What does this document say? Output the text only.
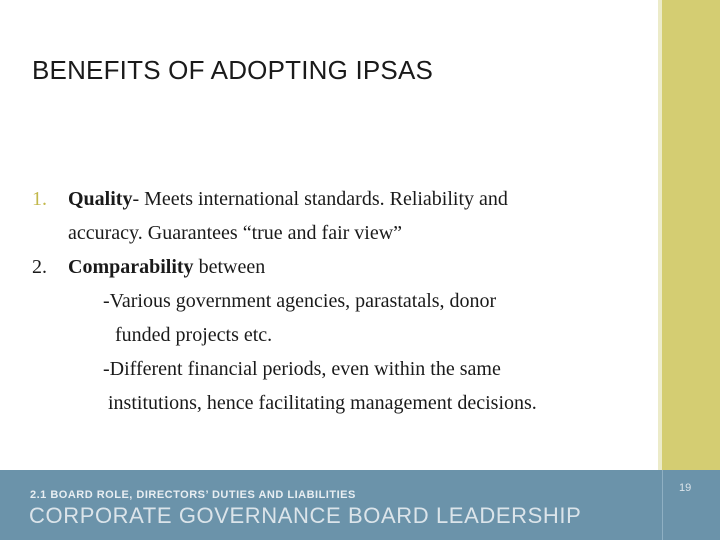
BENEFITS OF ADOPTING IPSAS
1. Quality- Meets international standards. Reliability and
accuracy. Guarantees “true and fair view”
2. Comparability between
-Various government agencies, parastatals, donor
funded projects etc.
-Different financial periods, even within the same
institutions, hence facilitating management decisions.
2.1 BOARD ROLE, DIRECTORS’ DUTIES AND LIABILITIES
CORPORATE GOVERNANCE BOARD LEADERSHIP
19
